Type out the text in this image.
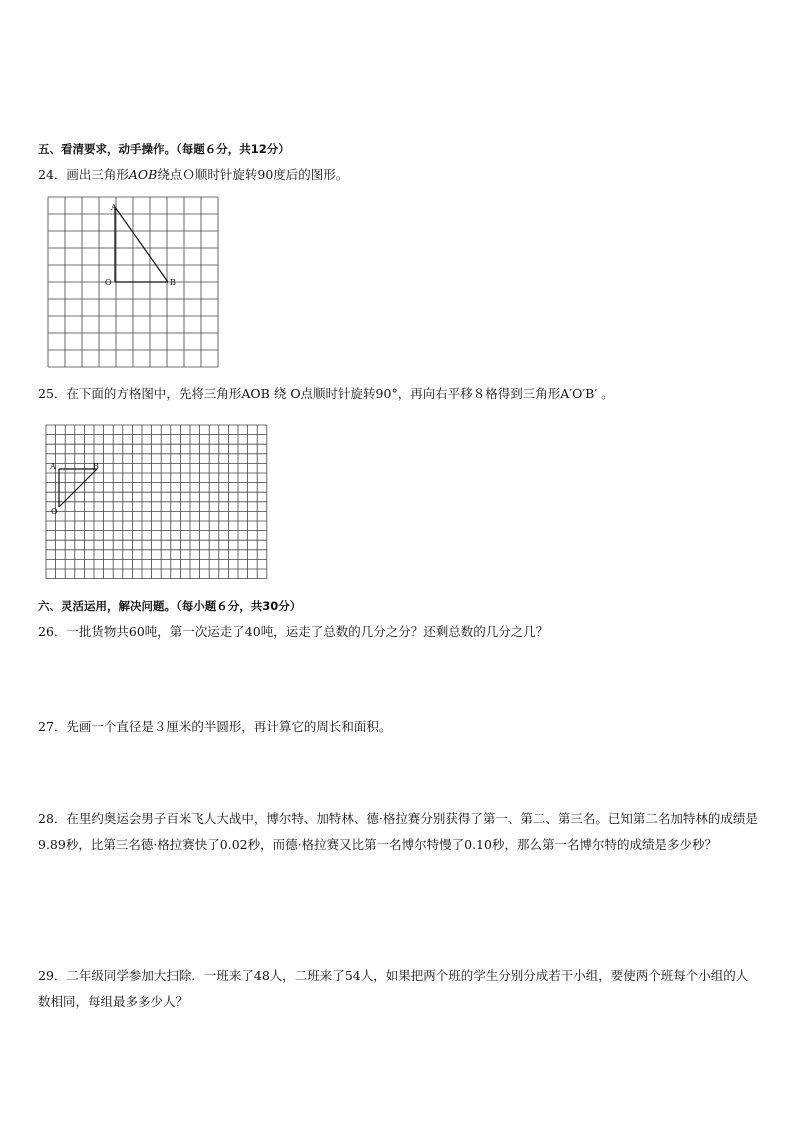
五、看清要求，动手操作。（每题６分，共12分）
24．画出三角形AOB绕点Ｏ顺时针旋转90度后的图形。
A
O	B
25．在下面的方格图中，先将三角形AOB 绕 O点顺时针旋转90°，再向右平移８格得到三角形A′O′B′ 。
A	B
O
六、灵活运用，解决问题。（每小题６分，共30分）
26．一批货物共60吨，第一次运走了40吨，运走了总数的几分之分？还剩总数的几分之几？
27．先画一个直径是３厘米的半圆形，再计算它的周长和面积。
28．在里约奥运会男子百米飞人大战中，博尔特、加特林、德·格拉赛分别获得了第一、第二、第三名。已知第二名加特林的成绩是9.89秒，比第三名德·格拉赛快了0.02秒，而德·格拉赛又比第一名博尔特慢了0.10秒，那么第一名博尔特的成绩是多少秒？
29．二年级同学参加大扫除．一班来了48人，二班来了54人，如果把两个班的学生分别分成若干小组，要使两个班每个小组的人数相同，每组最多多少人？
